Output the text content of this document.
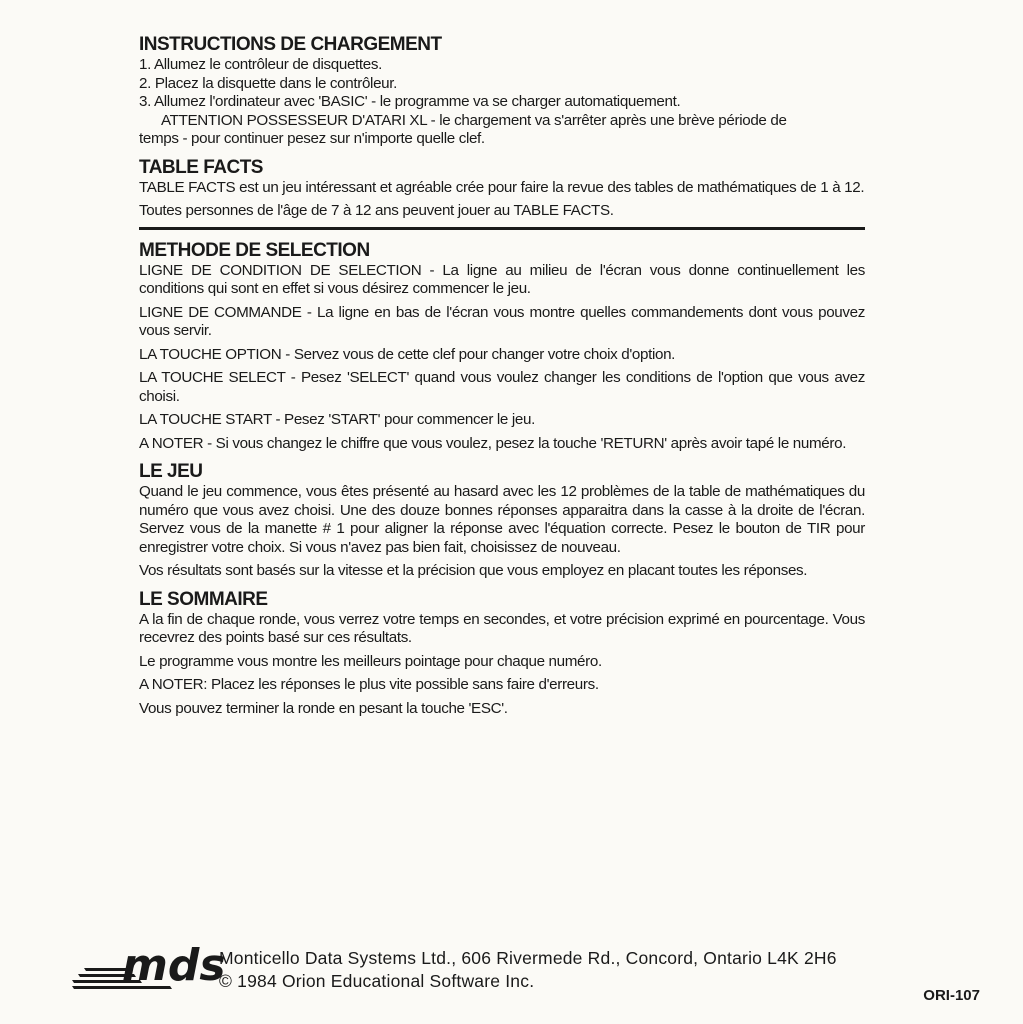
INSTRUCTIONS DE CHARGEMENT
1. Allumez le contrôleur de disquettes.
2. Placez la disquette dans le contrôleur.
3. Allumez l'ordinateur avec 'BASIC' - le programme va se charger automatiquement.

ATTENTION POSSESSEUR D'ATARI XL - le chargement va s'arrêter après une brève période de

temps - pour continuer pesez sur n'importe quelle clef.

TABLE FACTS

TABLE FACTS est un jeu intéressant et agréable crée pour faire la revue des tables de mathématiques de 1 à 12.

Toutes personnes de l'âge de 7 à 12 ans peuvent jouer au TABLE FACTS.

METHODE DE SELECTION

LIGNE DE CONDITION DE SELECTION - La ligne au milieu de l'écran vous donne continuellement les conditions qui sont en effet si vous désirez commencer le jeu.

LIGNE DE COMMANDE - La ligne en bas de l'écran vous montre quelles commandements dont vous pouvez vous servir.

LA TOUCHE OPTION - Servez vous de cette clef pour changer votre choix d'option.

LA TOUCHE SELECT - Pesez 'SELECT' quand vous voulez changer les conditions de l'option que vous avez choisi.

LA TOUCHE START - Pesez 'START' pour commencer le jeu.

A NOTER - Si vous changez le chiffre que vous voulez, pesez la touche 'RETURN' après avoir tapé le numéro.

LE JEU

Quand le jeu commence, vous êtes présenté au hasard avec les 12 problèmes de la table de mathématiques du numéro que vous avez choisi. Une des douze bonnes réponses apparaitra dans la casse à la droite de l'écran. Servez vous de la manette # 1 pour aligner la réponse avec l'équation correcte. Pesez le bouton de TIR pour enregistrer votre choix. Si vous n'avez pas bien fait, choisissez de nouveau.

Vos résultats sont basés sur la vitesse et la précision que vous employez en placant toutes les réponses.

LE SOMMAIRE

A la fin de chaque ronde, vous verrez votre temps en secondes, et votre précision exprimé en pourcentage. Vous recevrez des points basé sur ces résultats.

Le programme vous montre les meilleurs pointage pour chaque numéro.

A NOTER: Placez les réponses le plus vite possible sans faire d'erreurs.

Vous pouvez terminer la ronde en pesant la touche 'ESC'.

mds
Monticello Data Systems Ltd., 606 Rivermede Rd., Concord, Ontario L4K 2H6
© 1984 Orion Educational Software Inc.
ORI-107
